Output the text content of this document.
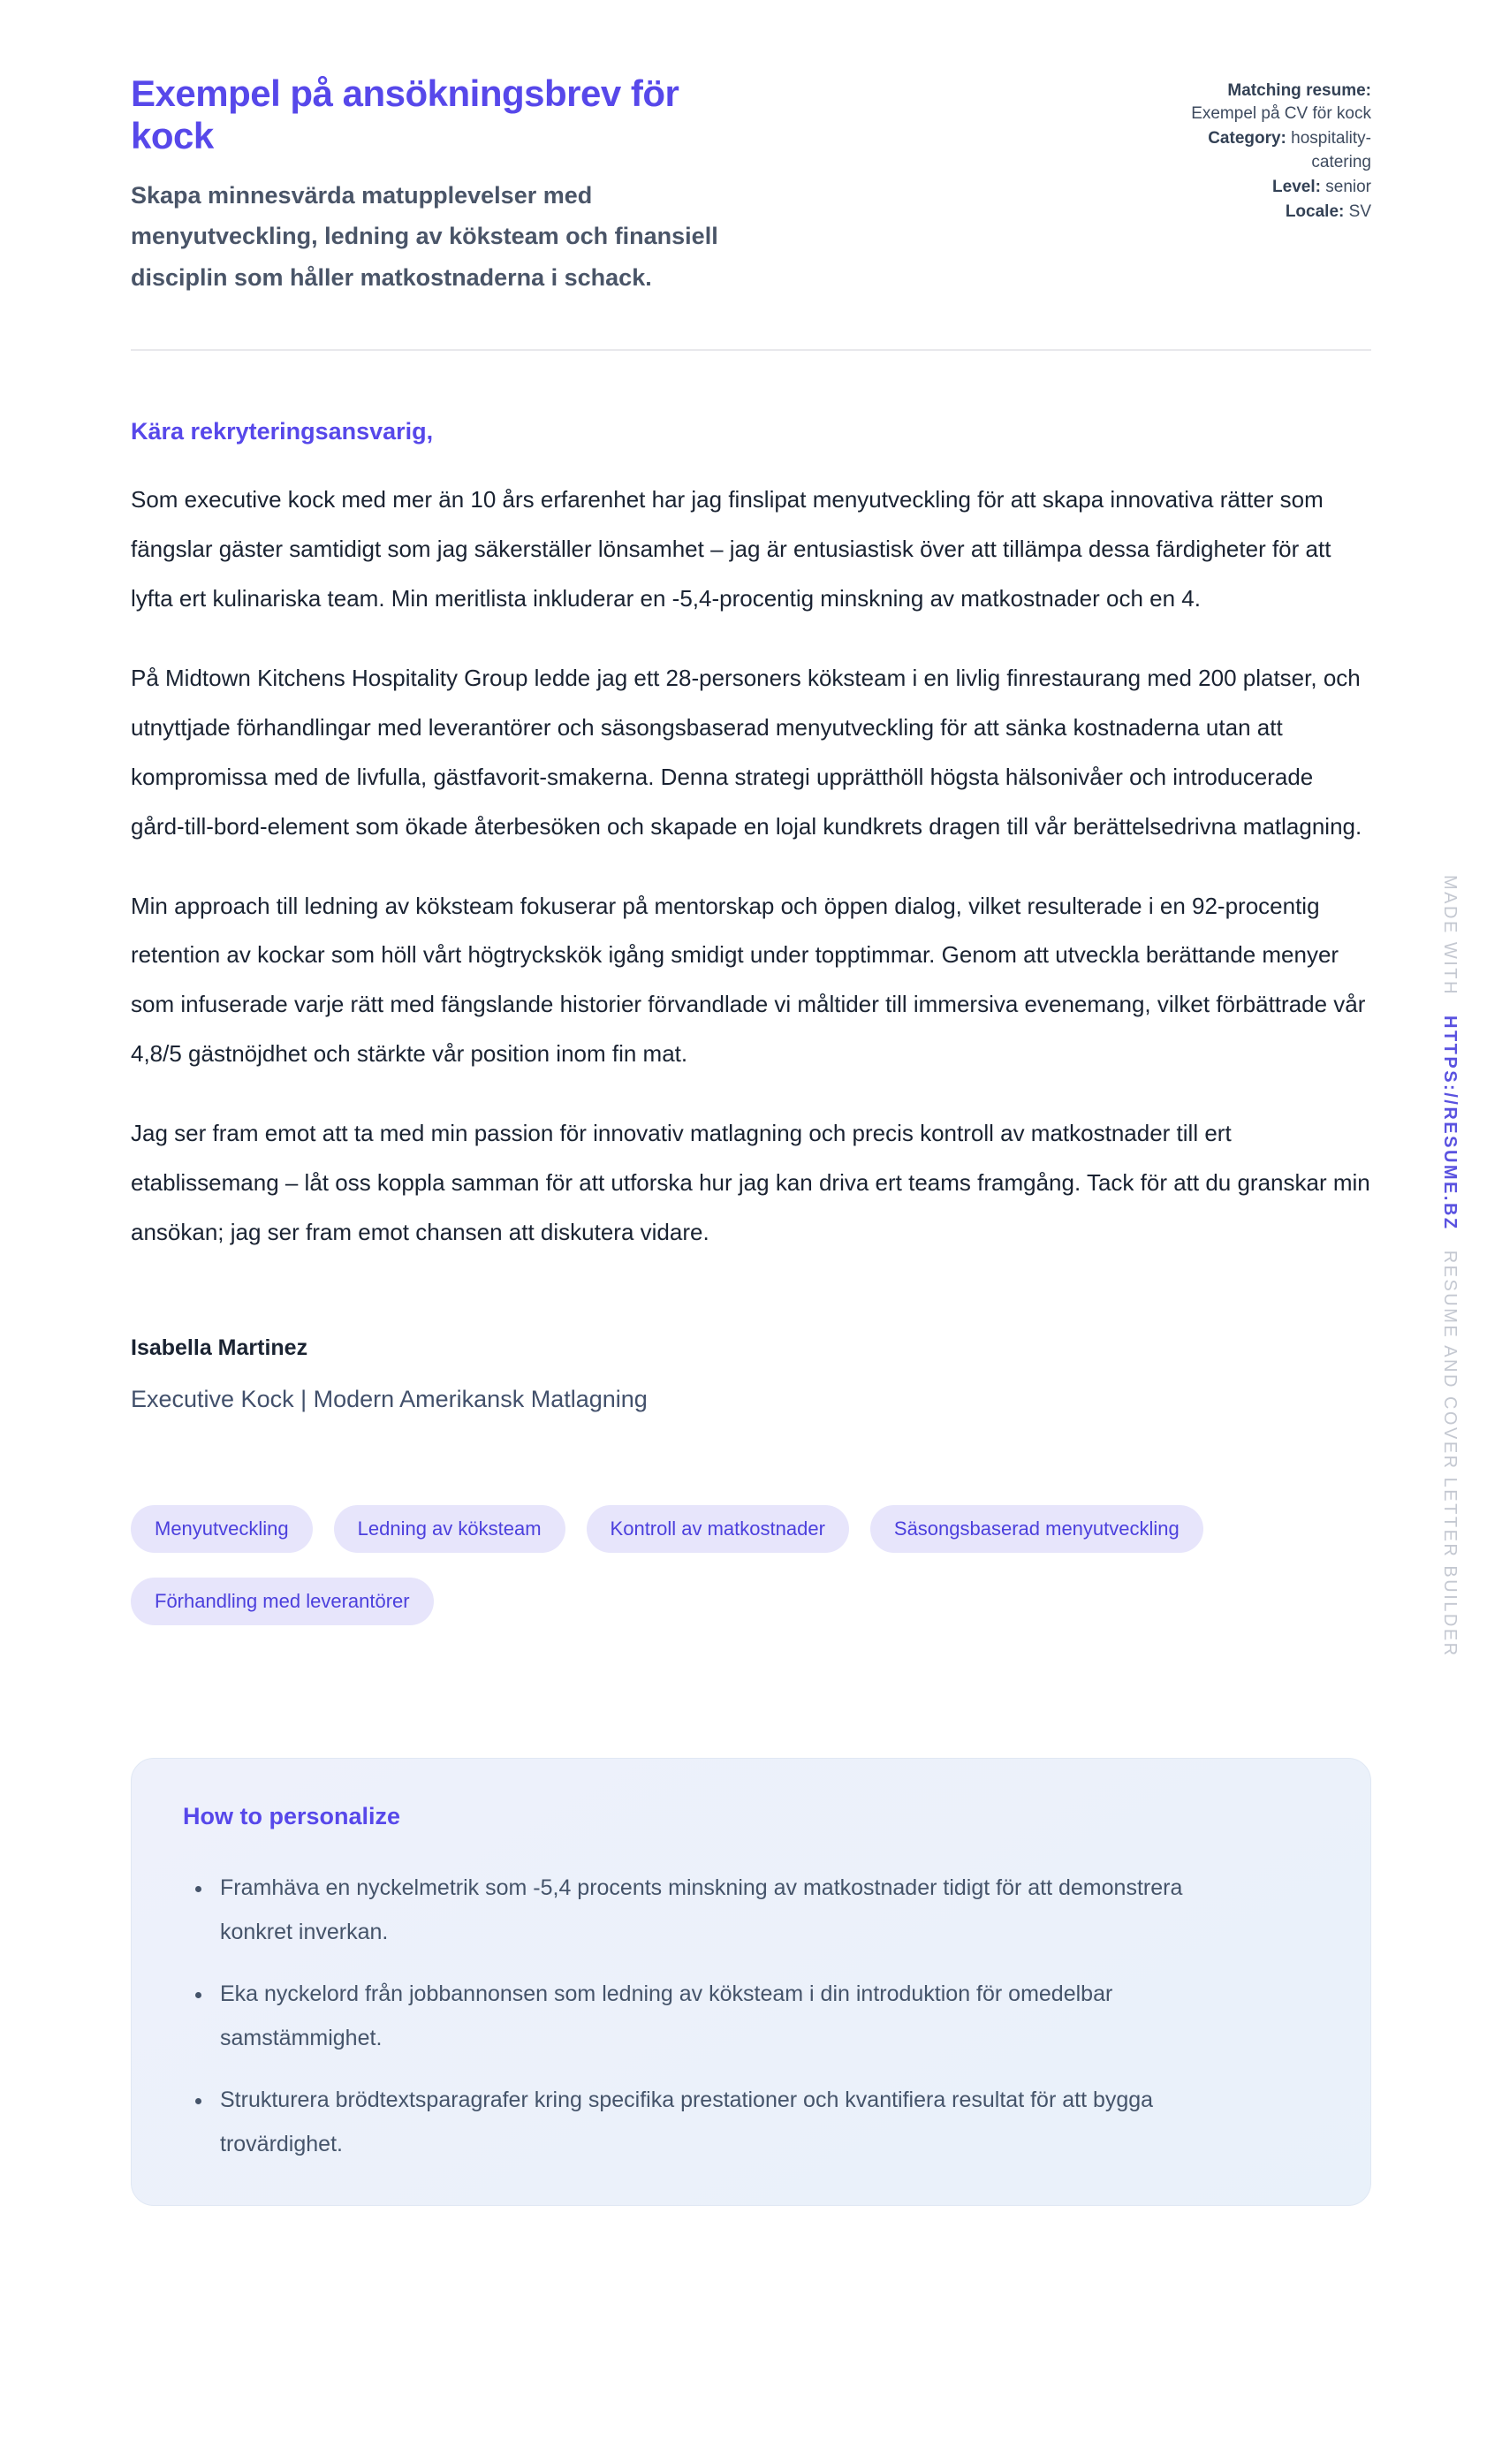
Exempel på ansökningsbrev för kock
Skapa minnesvärda matupplevelser med menyutveckling, ledning av köksteam och finansiell disciplin som håller matkostnaderna i schack.
Matching resume: Exempel på CV för kock
Category: hospitality-catering
Level: senior
Locale: SV
Kära rekryteringsansvarig,

Som executive kock med mer än 10 års erfarenhet har jag finslipat menyutveckling för att skapa innovativa rätter som fängslar gäster samtidigt som jag säkerställer lönsamhet – jag är entusiastisk över att tillämpa dessa färdigheter för att lyfta ert kulinariska team. Min meritlista inkluderar en -5,4-procentig minskning av matkostnader och en 4.

På Midtown Kitchens Hospitality Group ledde jag ett 28-personers köksteam i en livlig finrestaurang med 200 platser, och utnyttjade förhandlingar med leverantörer och säsongsbaserad menyutveckling för att sänka kostnaderna utan att kompromissa med de livfulla, gästfavorit-smakerna. Denna strategi upprätthöll högsta hälsonivåer och introducerade gård-till-bord-element som ökade återbesöken och skapade en lojal kundkrets dragen till vår berättelsedrivna matlagning.

Min approach till ledning av köksteam fokuserar på mentorskap och öppen dialog, vilket resulterade i en 92-procentig retention av kockar som höll vårt högtryckskök igång smidigt under topptimmar. Genom att utveckla berättande menyer som infuserade varje rätt med fängslande historier förvandlade vi måltider till immersiva evenemang, vilket förbättrade vår 4,8/5 gästnöjdhet och stärkte vår position inom fin mat.

Jag ser fram emot att ta med min passion för innovativ matlagning och precis kontroll av matkostnader till ert etablissemang – låt oss koppla samman för att utforska hur jag kan driva ert teams framgång. Tack för att du granskar min ansökan; jag ser fram emot chansen att diskutera vidare.

Isabella Martinez
Executive Kock | Modern Amerikansk Matlagning
Menyutveckling	Ledning av köksteam	Kontroll av matkostnader	Säsongsbaserad menyutveckling
Förhandling med leverantörer
How to personalize
• Framhäva en nyckelmetrik som -5,4 procents minskning av matkostnader tidigt för att demonstrera konkret inverkan.
• Eka nyckelord från jobbannonsen som ledning av köksteam i din introduktion för omedelbar samstämmighet.
• Strukturera brödtextsparagrafer kring specifika prestationer och kvantifiera resultat för att bygga trovärdighet.
MADE WITH HTTPS://RESUME.BZ RESUME AND COVER LETTER BUILDER
